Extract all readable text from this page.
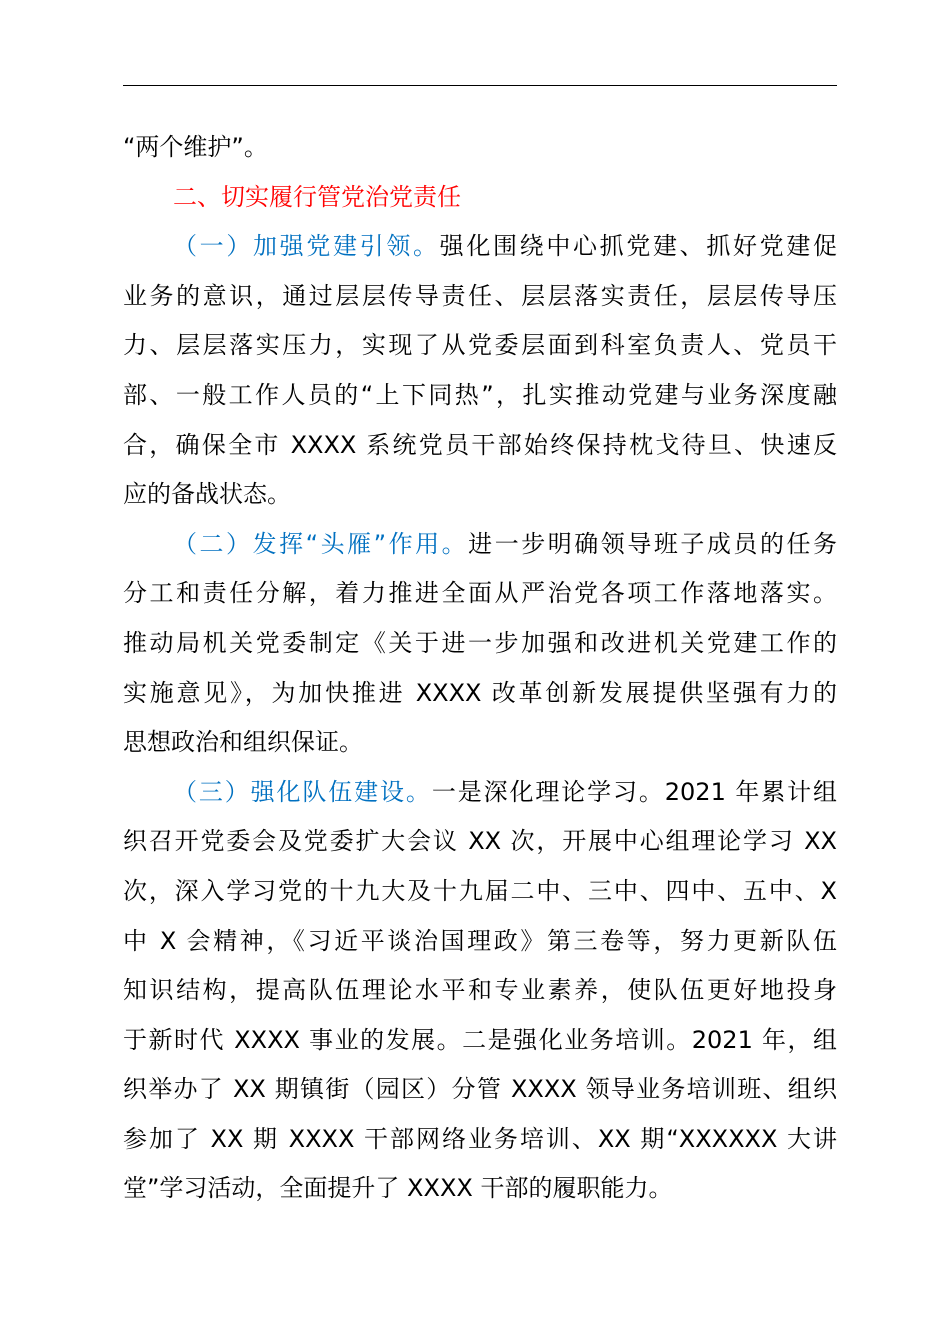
“两个维护”。
二、切实履行管党治党责任
（一）加强党建引领。强化围绕中心抓党建、抓好党建促
业务的意识，通过层层传导责任、层层落实责任，层层传导压
力、层层落实压力，实现了从党委层面到科室负责人、党员干
部、一般工作人员的“上下同热”，扎实推动党建与业务深度融
合，确保全市 XXXX 系统党员干部始终保持枕戈待旦、快速反
应的备战状态。
（二）发挥“头雁”作用。进一步明确领导班子成员的任务
分工和责任分解，着力推进全面从严治党各项工作落地落实。
推动局机关党委制定《关于进一步加强和改进机关党建工作的
实施意见》，为加快推进 XXXX 改革创新发展提供坚强有力的
思想政治和组织保证。
（三）强化队伍建设。一是深化理论学习。2021 年累计组
织召开党委会及党委扩大会议 XX 次，开展中心组理论学习 XX
次，深入学习党的十九大及十九届二中、三中、四中、五中、X
中 X 会精神，《习近平谈治国理政》第三卷等，努力更新队伍
知识结构，提高队伍理论水平和专业素养，使队伍更好地投身
于新时代 XXXX 事业的发展。二是强化业务培训。2021 年，组
织举办了 XX 期镇街（园区）分管 XXXX 领导业务培训班、组织
参加了 XX 期 XXXX 干部网络业务培训、XX 期“XXXXXX 大讲
堂”学习活动，全面提升了 XXXX 干部的履职能力。
